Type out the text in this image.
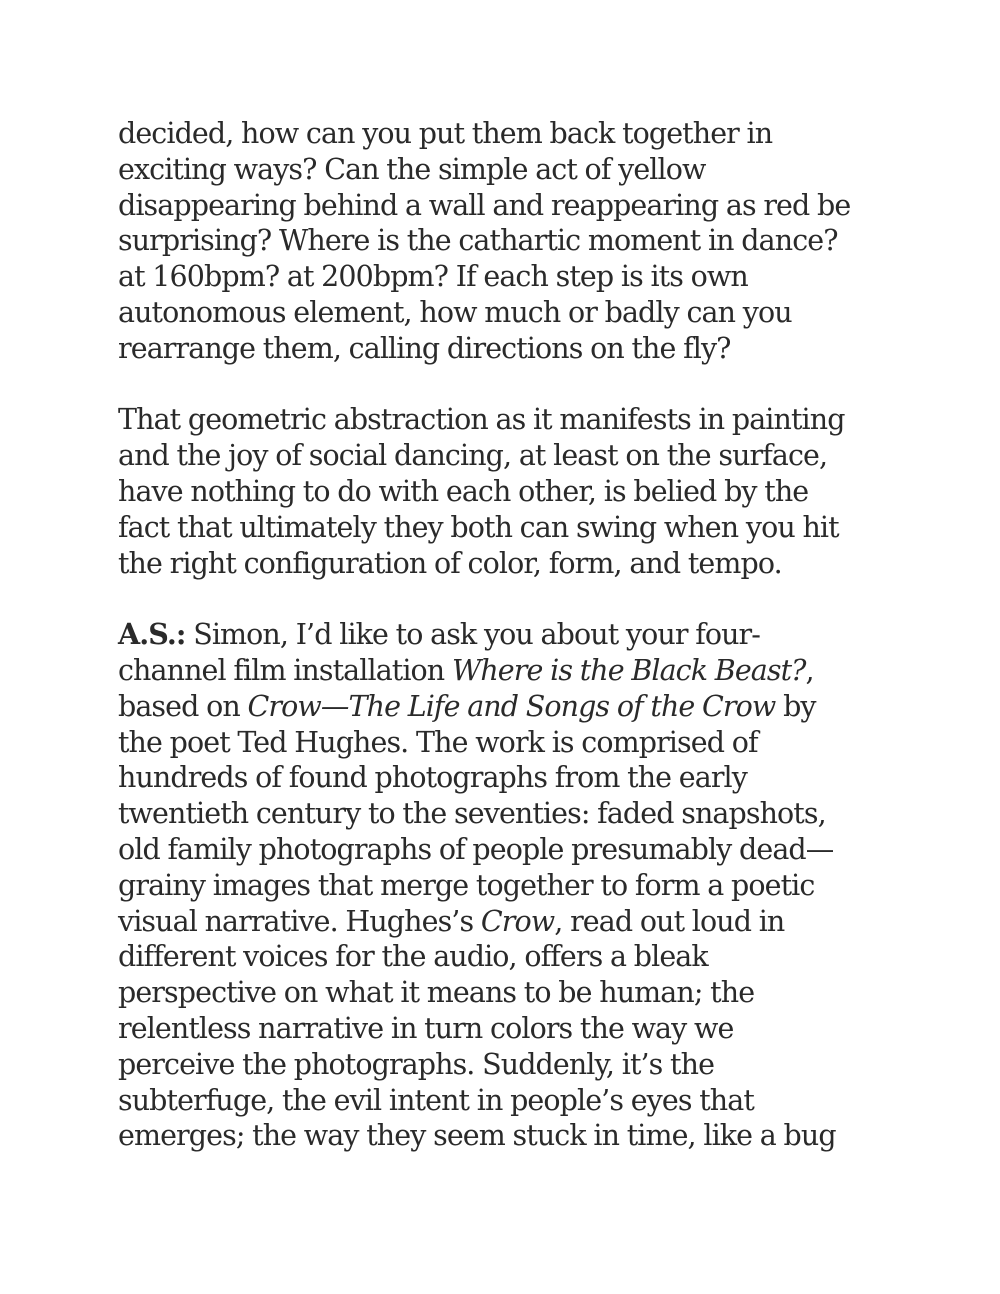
decided, how can you put them back together in
exciting ways? Can the simple act of yellow
disappearing behind a wall and reappearing as red be
surprising? Where is the cathartic moment in dance?
at 160bpm? at 200bpm? If each step is its own
autonomous element, how much or badly can you
rearrange them, calling directions on the fly?

That geometric abstraction as it manifests in painting
and the joy of social dancing, at least on the surface,
have nothing to do with each other, is belied by the
fact that ultimately they both can swing when you hit
the right configuration of color, form, and tempo.

A.S.: Simon, I’d like to ask you about your four-
channel film installation Where is the Black Beast?,
based on Crow—The Life and Songs of the Crow by
the poet Ted Hughes. The work is comprised of
hundreds of found photographs from the early
twentieth century to the seventies: faded snapshots,
old family photographs of people presumably dead—
grainy images that merge together to form a poetic
visual narrative. Hughes’s Crow, read out loud in
different voices for the audio, offers a bleak
perspective on what it means to be human; the
relentless narrative in turn colors the way we
perceive the photographs. Suddenly, it’s the
subterfuge, the evil intent in people’s eyes that
emerges; the way they seem stuck in time, like a bug
